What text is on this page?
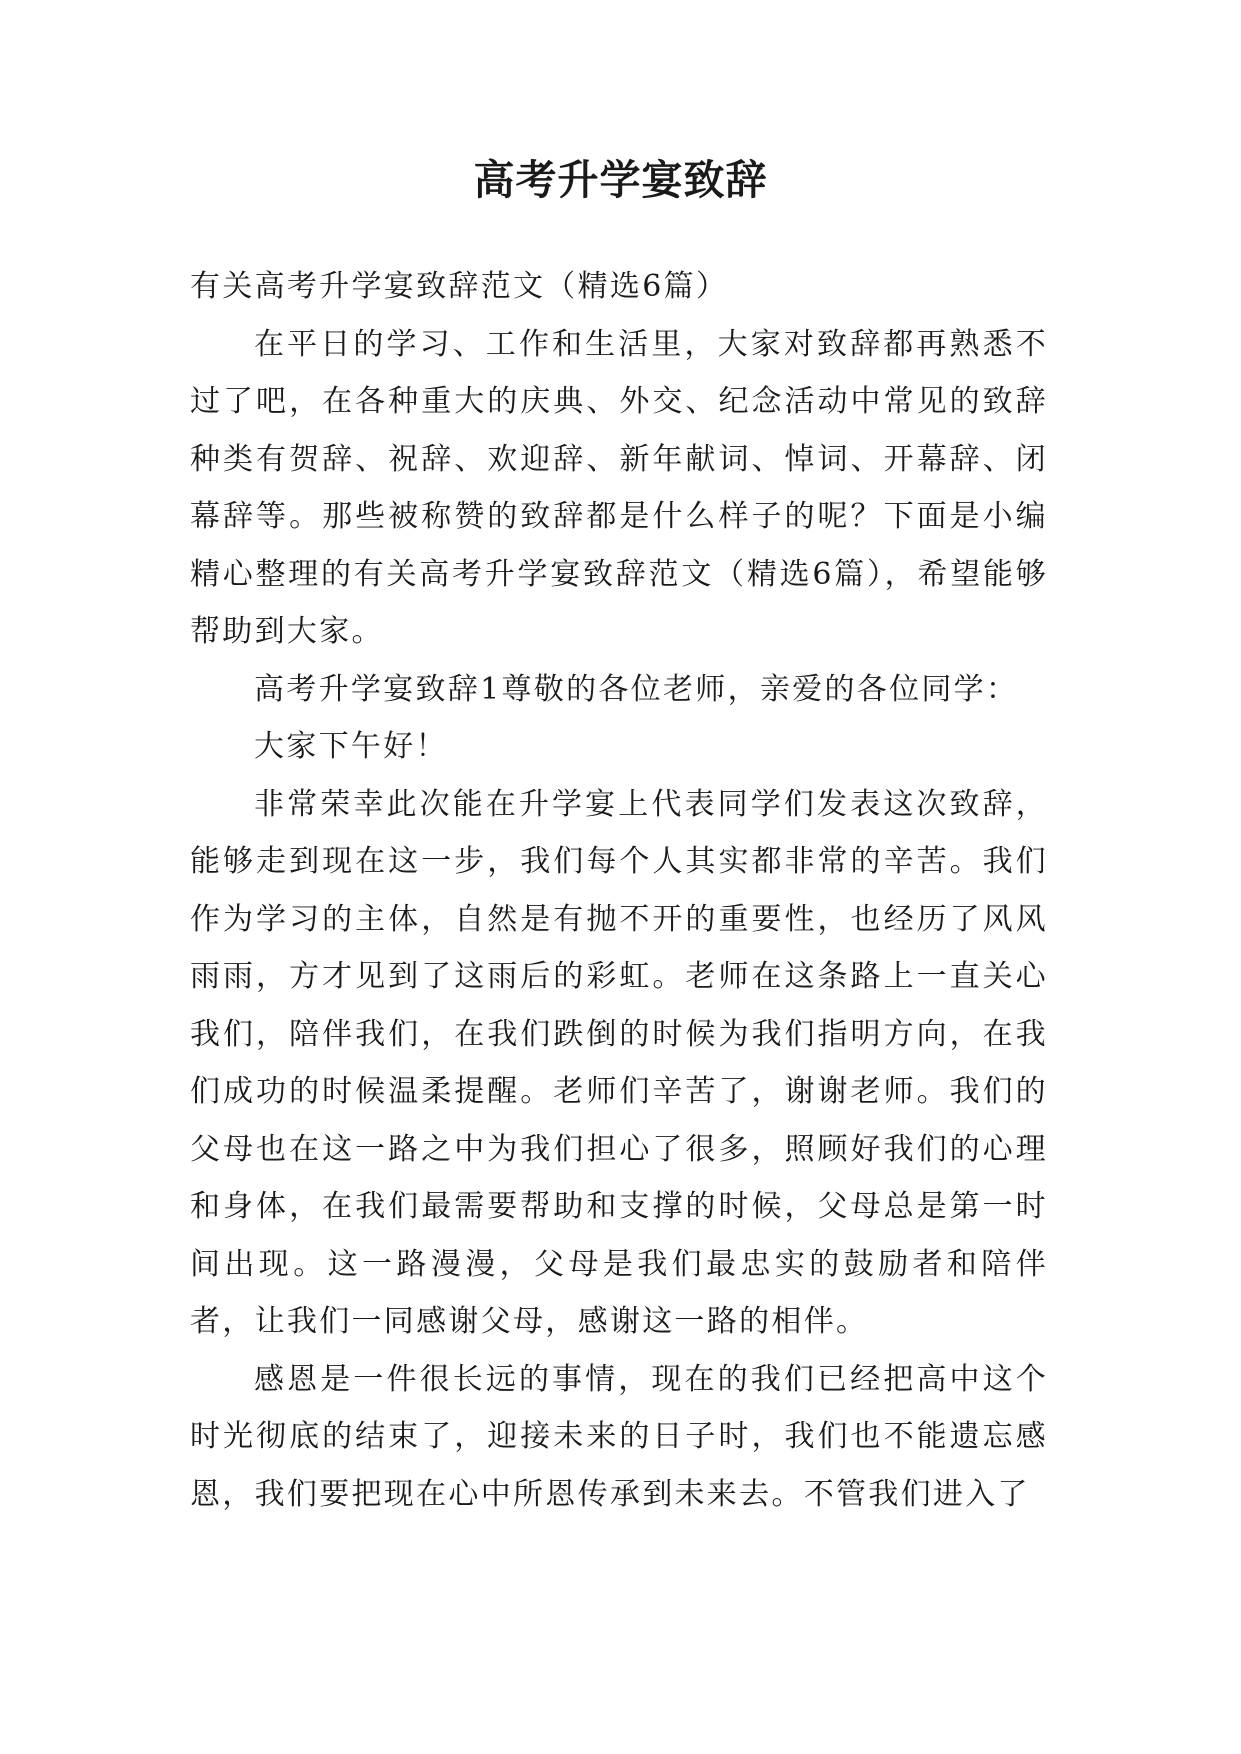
高考升学宴致辞

有关高考升学宴致辞范文（精选6篇）

在平日的学习、工作和生活里，大家对致辞都再熟悉不过了吧，在各种重大的庆典、外交、纪念活动中常见的致辞种类有贺辞、祝辞、欢迎辞、新年献词、悼词、开幕辞、闭幕辞等。那些被称赞的致辞都是什么样子的呢？下面是小编精心整理的有关高考升学宴致辞范文（精选6篇），希望能够帮助到大家。

高考升学宴致辞1尊敬的各位老师，亲爱的各位同学：

大家下午好！

非常荣幸此次能在升学宴上代表同学们发表这次致辞，能够走到现在这一步，我们每个人其实都非常的辛苦。我们作为学习的主体，自然是有抛不开的重要性，也经历了风风雨雨，方才见到了这雨后的彩虹。老师在这条路上一直关心我们，陪伴我们，在我们跌倒的时候为我们指明方向，在我们成功的时候温柔提醒。老师们辛苦了，谢谢老师。我们的父母也在这一路之中为我们担心了很多，照顾好我们的心理和身体，在我们最需要帮助和支撑的时候，父母总是第一时间出现。这一路漫漫，父母是我们最忠实的鼓励者和陪伴者，让我们一同感谢父母，感谢这一路的相伴。

感恩是一件很长远的事情，现在的我们已经把高中这个时光彻底的结束了，迎接未来的日子时，我们也不能遗忘感恩，我们要把现在心中所恩传承到未来去。不管我们进入了
